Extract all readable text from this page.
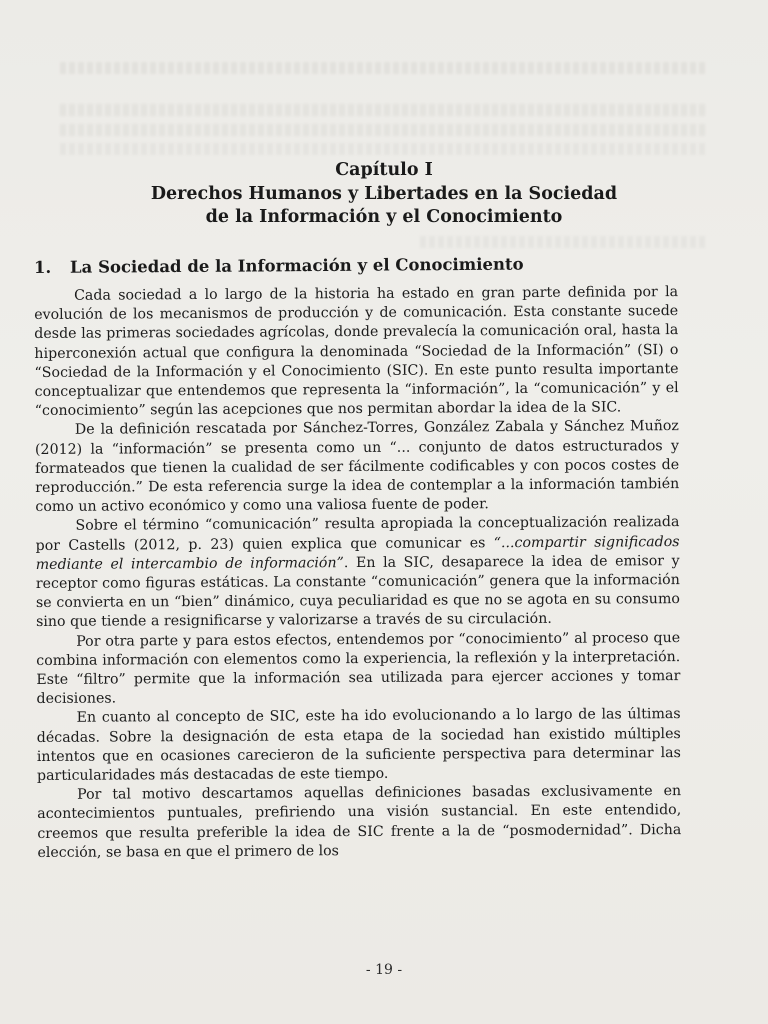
Capítulo I
Derechos Humanos y Libertades en la Sociedad
de la Información y el Conocimiento
1. La Sociedad de la Información y el Conocimiento

Cada sociedad a lo largo de la historia ha estado en gran parte definida por la evolución de los mecanismos de producción y de comunicación. Esta constante sucede desde las primeras sociedades agrícolas, donde prevalecía la comunicación oral, hasta la hiperconexión actual que configura la denominada “Sociedad de la Información” (SI) o “Sociedad de la Información y el Conocimiento (SIC). En este punto resulta importante conceptualizar que entendemos que representa la “información”, la “comunicación” y el “conocimiento” según las acepciones que nos permitan abordar la idea de la SIC.

De la definición rescatada por Sánchez-Torres, González Zabala y Sánchez Muñoz (2012) la “información” se presenta como un “... conjunto de datos estructurados y formateados que tienen la cualidad de ser fácilmente codificables y con pocos costes de reproducción.” De esta referencia surge la idea de contemplar a la información también como un activo económico y como una valiosa fuente de poder.

Sobre el término “comunicación” resulta apropiada la conceptualización realizada por Castells (2012, p. 23) quien explica que comunicar es “...compartir significados mediante el intercambio de información”. En la SIC, desaparece la idea de emisor y receptor como figuras estáticas. La constante “comunicación” genera que la información se convierta en un “bien” dinámico, cuya peculiaridad es que no se agota en su consumo sino que tiende a resignificarse y valorizarse a través de su circulación.

Por otra parte y para estos efectos, entendemos por “conocimiento” al proceso que combina información con elementos como la experiencia, la reflexión y la interpretación. Este “filtro” permite que la información sea utilizada para ejercer acciones y tomar decisiones.

En cuanto al concepto de SIC, este ha ido evolucionando a lo largo de las últimas décadas. Sobre la designación de esta etapa de la sociedad han existido múltiples intentos que en ocasiones carecieron de la suficiente perspectiva para determinar las particularidades más destacadas de este tiempo.

Por tal motivo descartamos aquellas definiciones basadas exclusivamente en acontecimientos puntuales, prefiriendo una visión sustancial. En este entendido, creemos que resulta preferible la idea de SIC frente a la de “posmodernidad”. Dicha elección, se basa en que el primero de los

- 19 -
